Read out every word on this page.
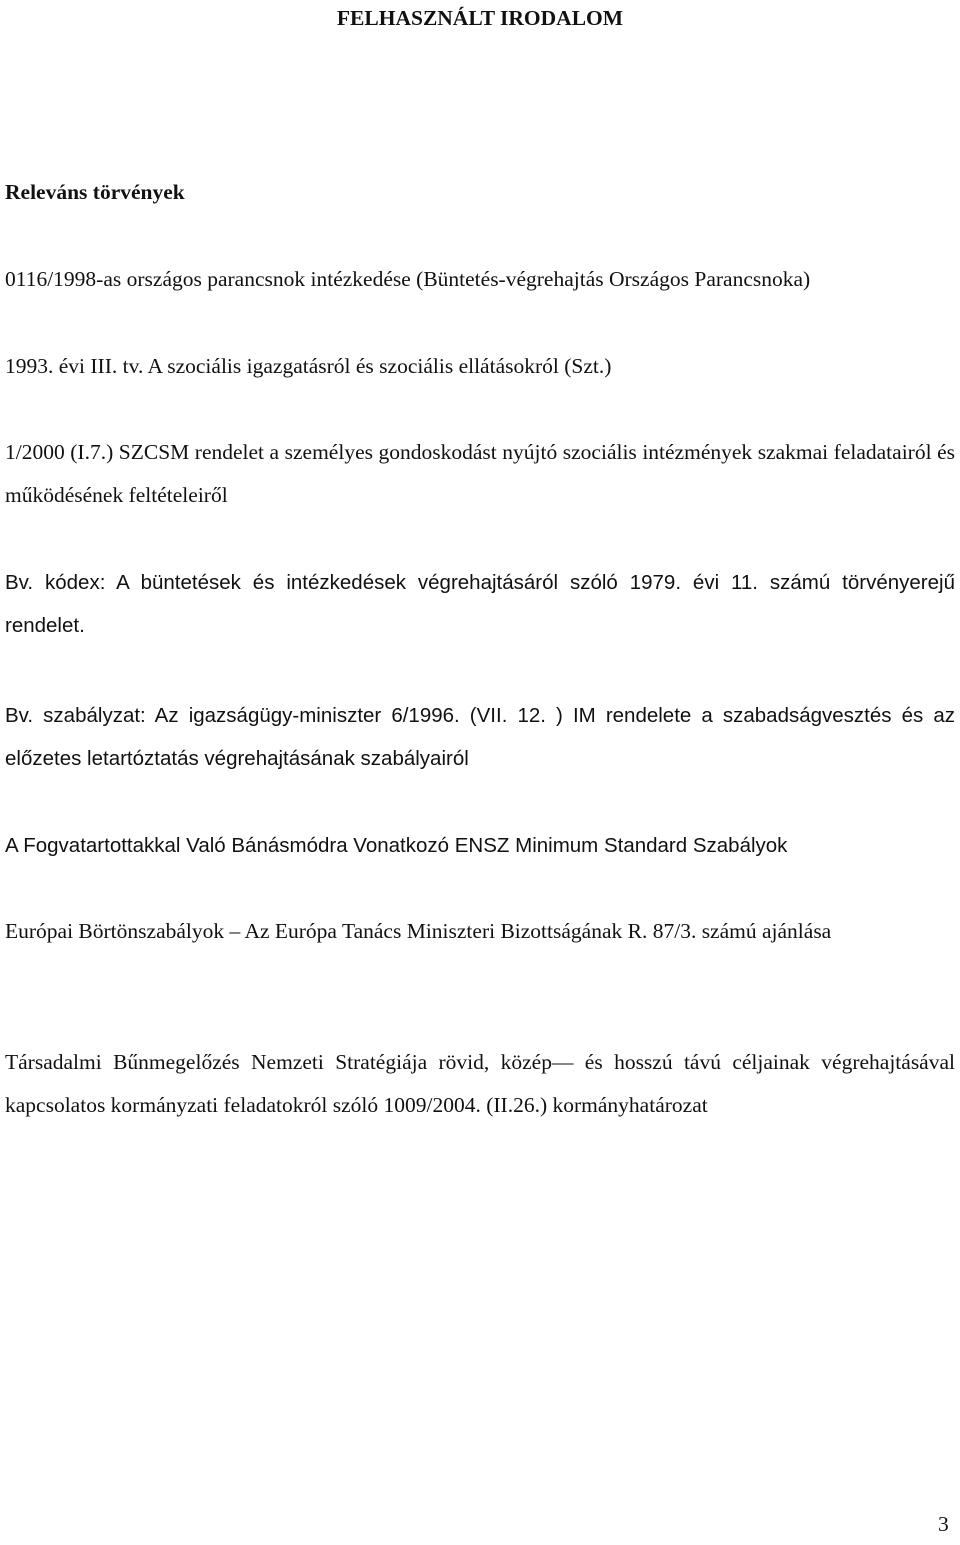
FELHASZNÁLT IRODALOM
Releváns törvények
0116/1998-as országos parancsnok intézkedése (Büntetés-végrehajtás Országos Parancsnoka)
1993. évi III. tv. A szociális igazgatásról és szociális ellátásokról (Szt.)
1/2000 (I.7.) SZCSM rendelet a személyes gondoskodást nyújtó szociális intézmények szakmai feladatairól és működésének feltételeiről
Bv. kódex: A büntetések és intézkedések végrehajtásáról szóló 1979. évi 11. számú törvényerejű rendelet.
Bv. szabályzat: Az igazságügy-miniszter 6/1996. (VII. 12. ) IM rendelete a szabadságvesztés és az előzetes letartóztatás végrehajtásának szabályairól
A Fogvatartottakkal Való Bánásmódra Vonatkozó ENSZ Minimum Standard Szabályok
Európai Börtönszabályok – Az Európa Tanács Miniszteri Bizottságának R. 87/3. számú ajánlása
Társadalmi Bűnmegelőzés Nemzeti Stratégiája rövid, közép— és hosszú távú céljainak végrehajtásával kapcsolatos kormányzati feladatokról szóló 1009/2004. (II.26.) kormányhatározat
3
